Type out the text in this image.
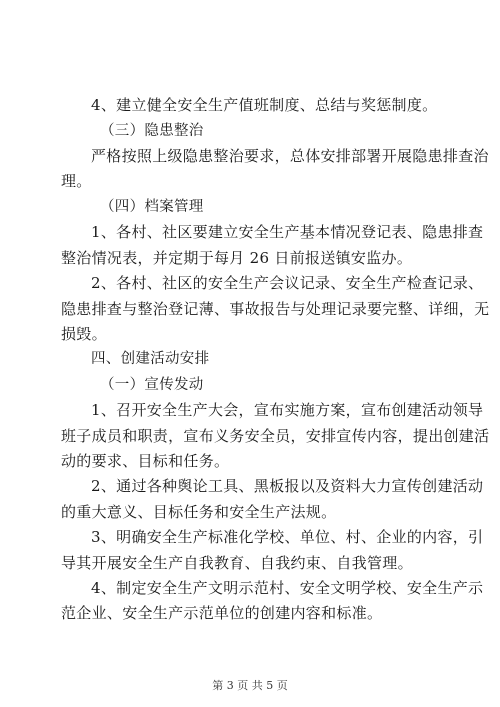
4、建立健全安全生产值班制度、总结与奖惩制度。
（三）隐患整治
严格按照上级隐患整治要求，总体安排部署开展隐患排查治
理。
（四）档案管理
1、各村、社区要建立安全生产基本情况登记表、隐患排查
整治情况表，并定期于每月 26 日前报送镇安监办。
2、各村、社区的安全生产会议记录、安全生产检查记录、
隐患排查与整治登记薄、事故报告与处理记录要完整、详细，无
损毁。
四、创建活动安排
（一）宣传发动
1、召开安全生产大会，宣布实施方案，宣布创建活动领导
班子成员和职责，宣布义务安全员，安排宣传内容，提出创建活
动的要求、目标和任务。
2、通过各种舆论工具、黑板报以及资料大力宣传创建活动
的重大意义、目标任务和安全生产法规。
3、明确安全生产标准化学校、单位、村、企业的内容，引
导其开展安全生产自我教育、自我约束、自我管理。
4、制定安全生产文明示范村、安全文明学校、安全生产示
范企业、安全生产示范单位的创建内容和标准。
第 3 页 共 5 页
